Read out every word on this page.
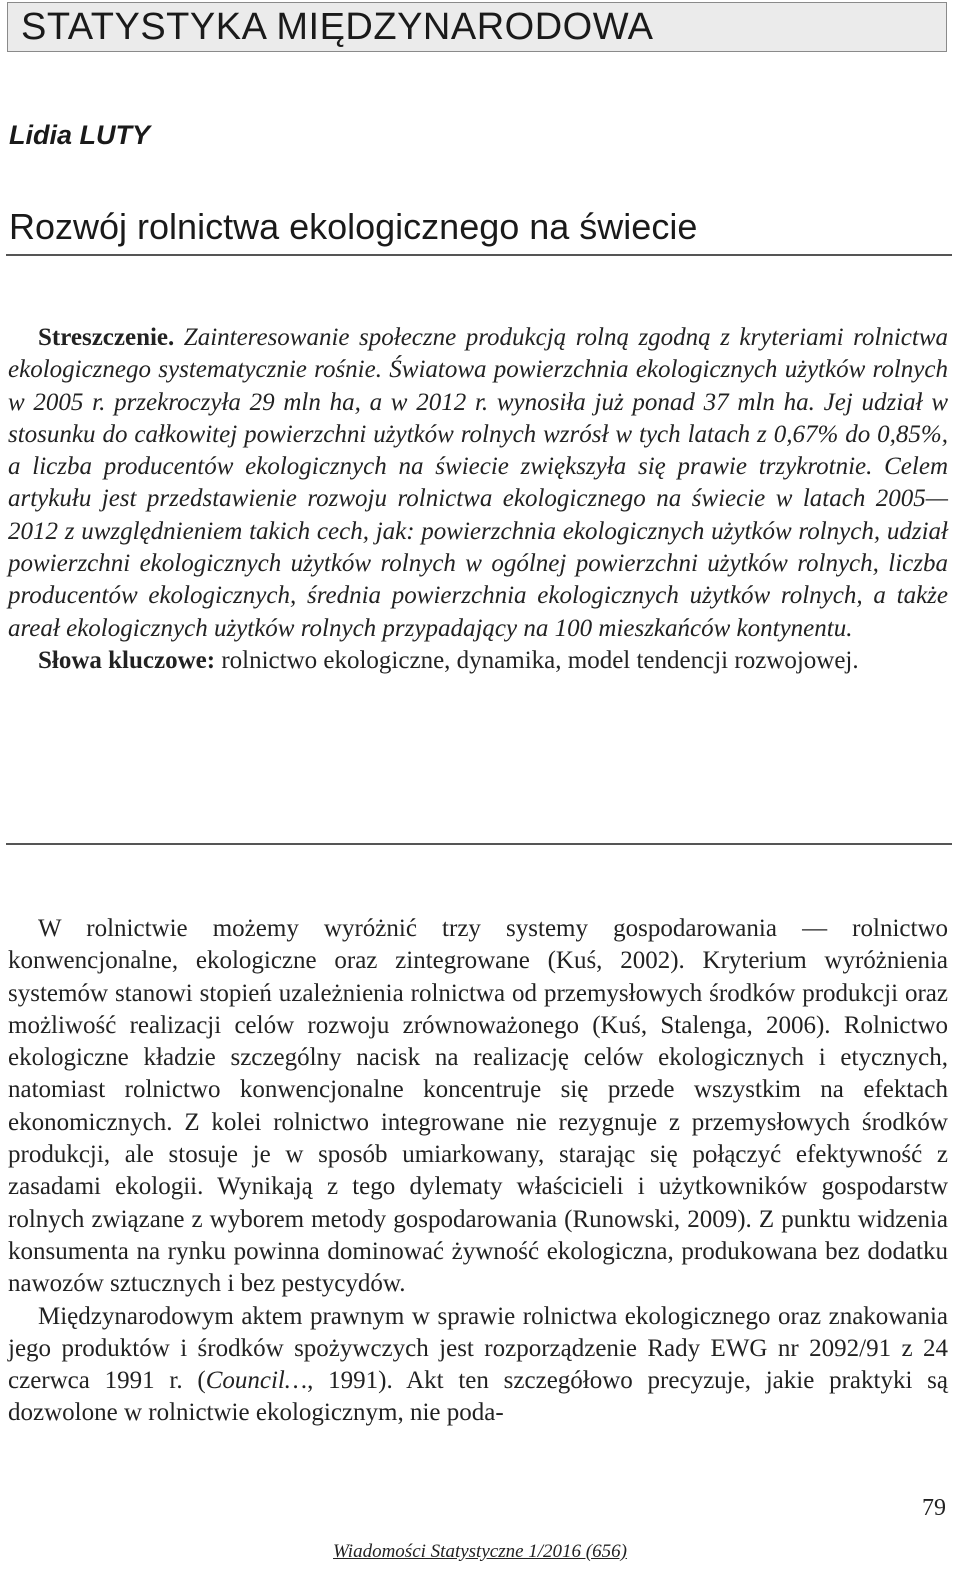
STATYSTYKA MIĘDZYNARODOWA
Lidia LUTY
Rozwój rolnictwa ekologicznego na świecie

Streszczenie. Zainteresowanie społeczne produkcją rolną zgodną z kryteriami rolnictwa ekologicznego systematycznie rośnie. Światowa powierzchnia ekologicznych użytków rolnych w 2005 r. przekroczyła 29 mln ha, a w 2012 r. wynosiła już ponad 37 mln ha. Jej udział w stosunku do całkowitej powierzchni użytków rolnych wzrósł w tych latach z 0,67% do 0,85%, a liczba producentów ekologicznych na świecie zwiększyła się prawie trzykrotnie. Celem artykułu jest przedstawienie rozwoju rolnictwa ekologicznego na świecie w latach 2005—2012 z uwzględnieniem takich cech, jak: powierzchnia ekologicznych użytków rolnych, udział powierzchni ekologicznych użytków rolnych w ogólnej powierzchni użytków rolnych, liczba producentów ekologicznych, średnia powierzchnia ekologicznych użytków rolnych, a także areał ekologicznych użytków rolnych przypadający na 100 mieszkańców kontynentu.

Słowa kluczowe: rolnictwo ekologiczne, dynamika, model tendencji rozwojowej.

W rolnictwie możemy wyróżnić trzy systemy gospodarowania — rolnictwo konwencjonalne, ekologiczne oraz zintegrowane (Kuś, 2002). Kryterium wyróżnienia systemów stanowi stopień uzależnienia rolnictwa od przemysłowych środków produkcji oraz możliwość realizacji celów rozwoju zrównoważonego (Kuś, Stalenga, 2006). Rolnictwo ekologiczne kładzie szczególny nacisk na realizację celów ekologicznych i etycznych, natomiast rolnictwo konwencjonalne koncentruje się przede wszystkim na efektach ekonomicznych. Z kolei rolnictwo integrowane nie rezygnuje z przemysłowych środków produkcji, ale stosuje je w sposób umiarkowany, starając się połączyć efektywność z zasadami ekologii. Wynikają z tego dylematy właścicieli i użytkowników gospodarstw rolnych związane z wyborem metody gospodarowania (Runowski, 2009). Z punktu widzenia konsumenta na rynku powinna dominować żywność ekologiczna, produkowana bez dodatku nawozów sztucznych i bez pestycydów.

Międzynarodowym aktem prawnym w sprawie rolnictwa ekologicznego oraz znakowania jego produktów i środków spożywczych jest rozporządzenie Rady EWG nr 2092/91 z 24 czerwca 1991 r. (Council…, 1991). Akt ten szczegółowo precyzuje, jakie praktyki są dozwolone w rolnictwie ekologicznym, nie poda-

79
Wiadomości Statystyczne 1/2016 (656)
